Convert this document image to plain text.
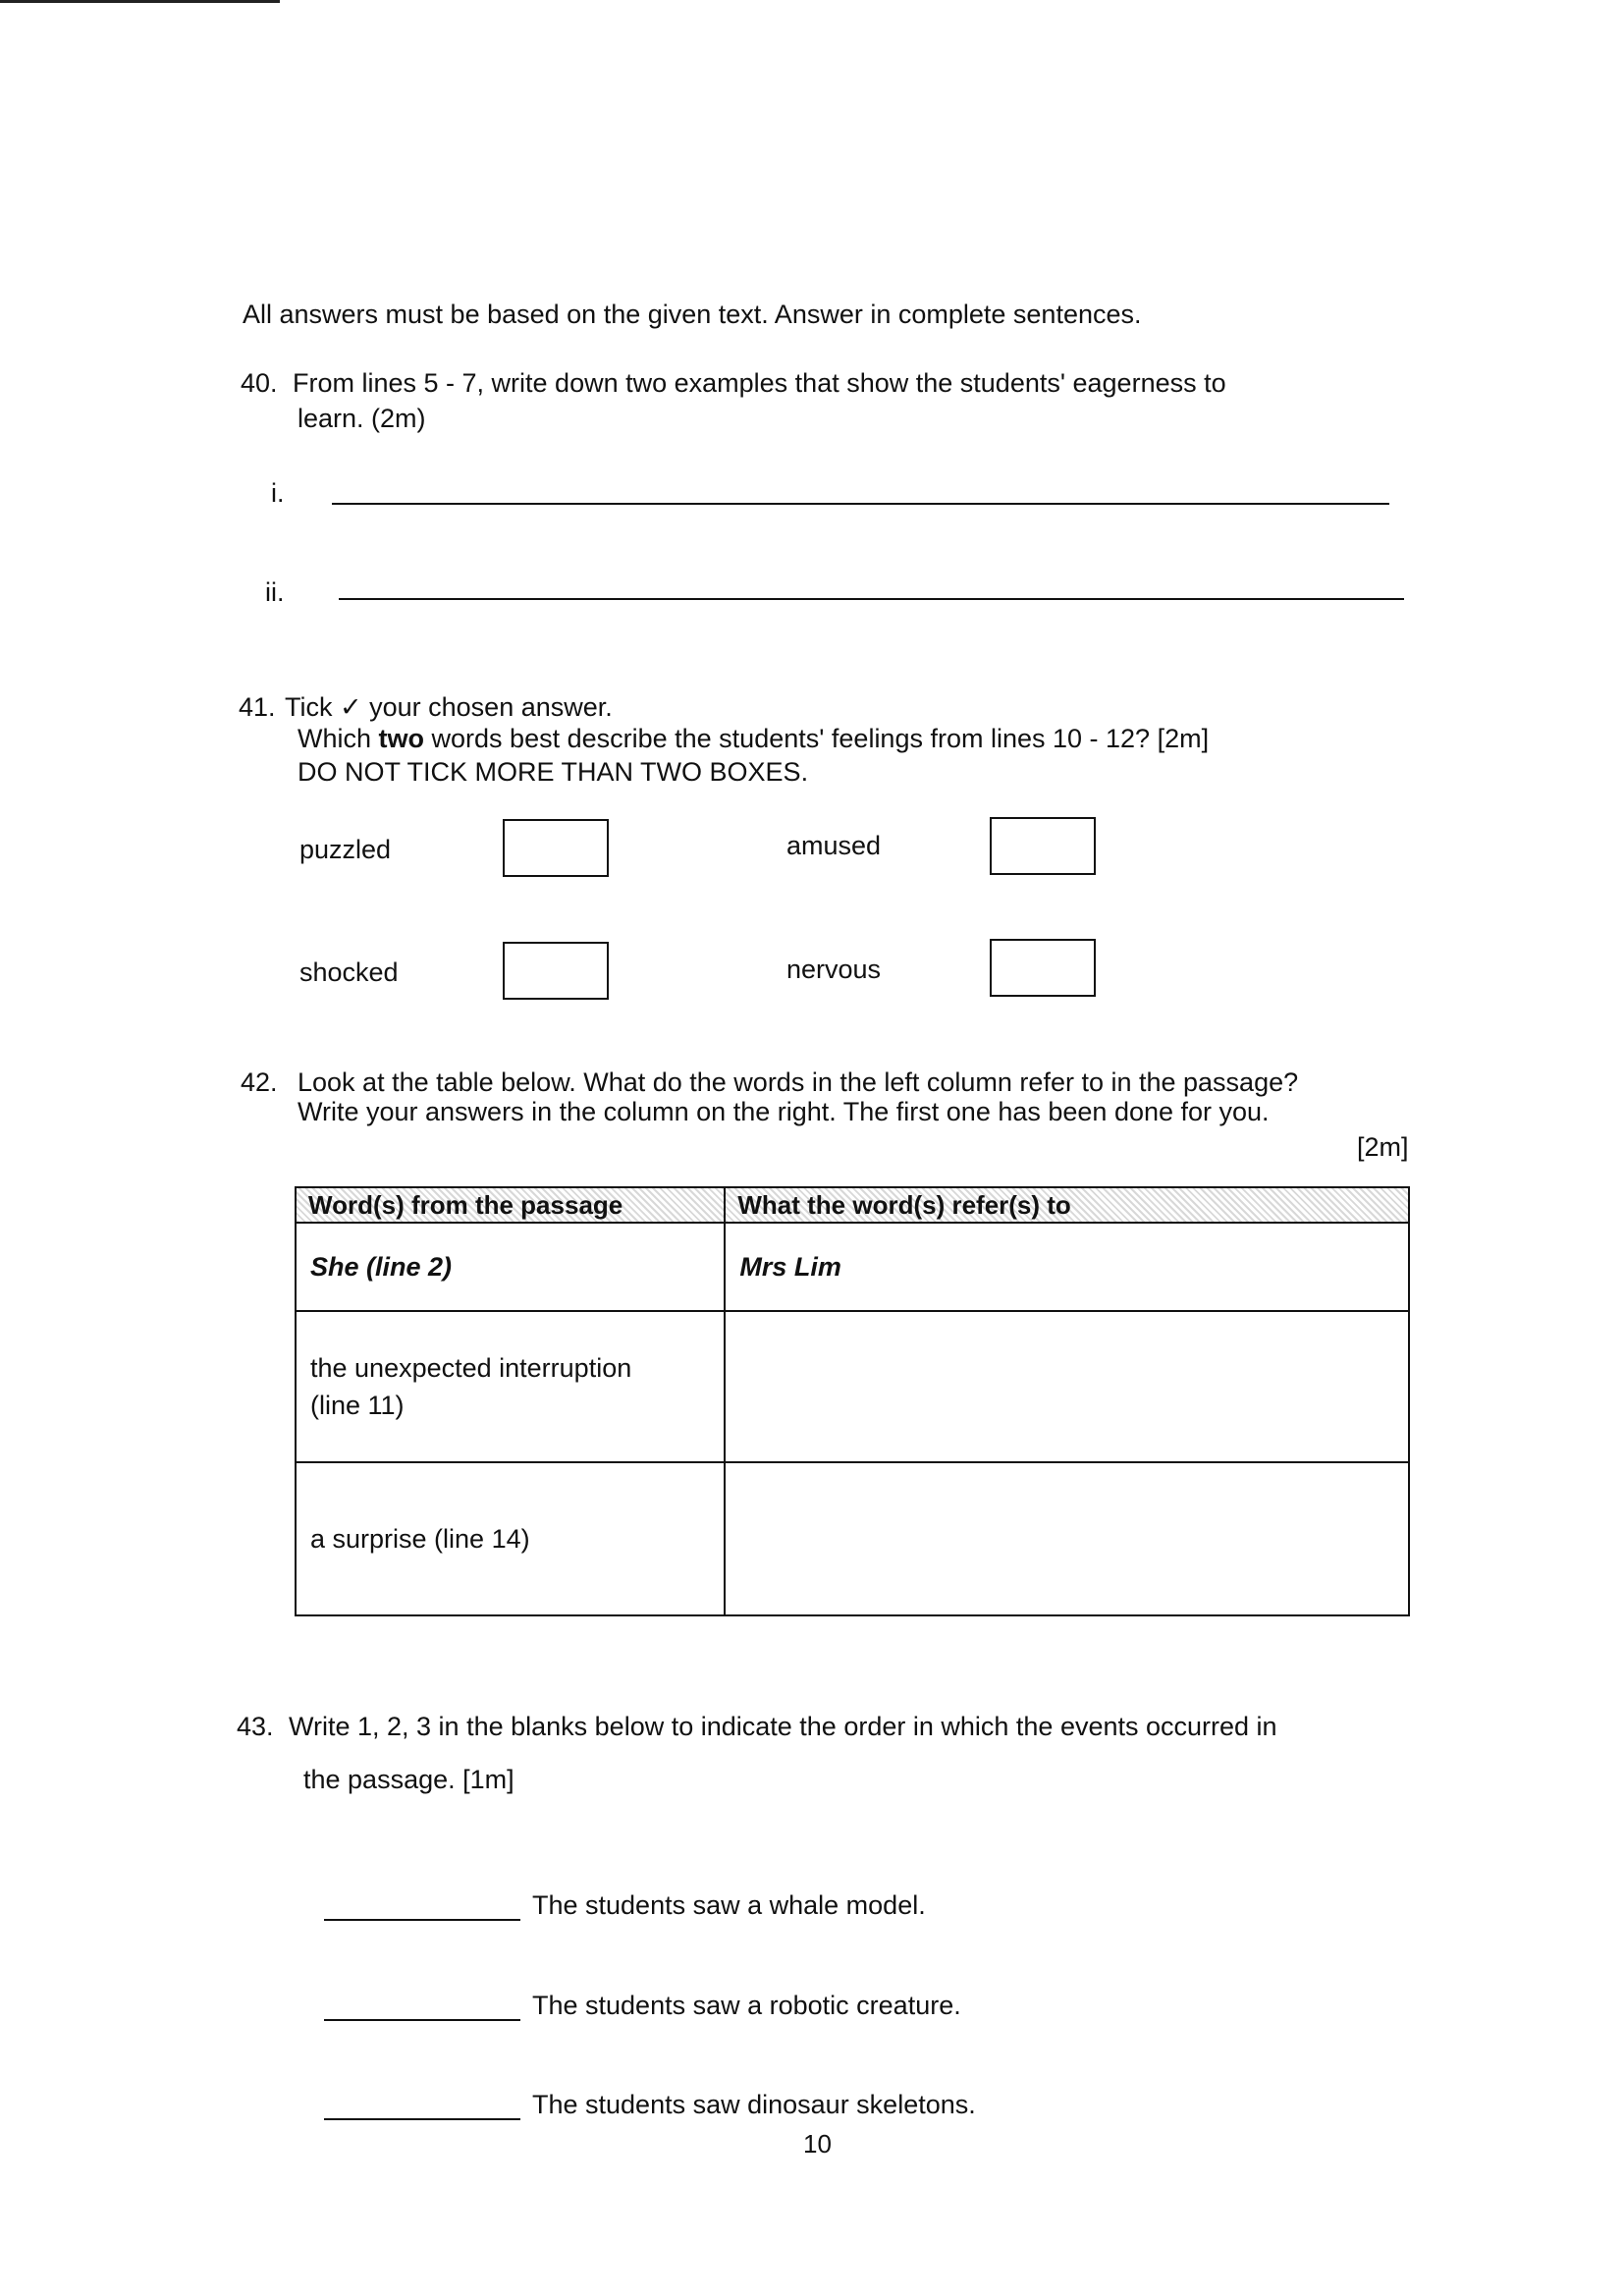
All answers must be based on the given text. Answer in complete sentences.
40. From lines 5 - 7, write down two examples that show the students' eagerness to
learn. (2m)
i.
ii.
41. Tick ✓ your chosen answer.
Which two words best describe the students' feelings from lines 10 - 12? [2m]
DO NOT TICK MORE THAN TWO BOXES.
puzzled	amused
shocked	nervous
42. Look at the table below. What do the words in the left column refer to in the passage?
Write your answers in the column on the right. The first one has been done for you.
[2m]
Word(s) from the passage	What the word(s) refer(s) to
She (line 2)	Mrs Lim

the unexpected interruption
(line 11)	

a surprise (line 14)	
43. Write 1, 2, 3 in the blanks below to indicate the order in which the events occurred in
the passage. [1m]
The students saw a whale model.
The students saw a robotic creature.
The students saw dinosaur skeletons.
10
